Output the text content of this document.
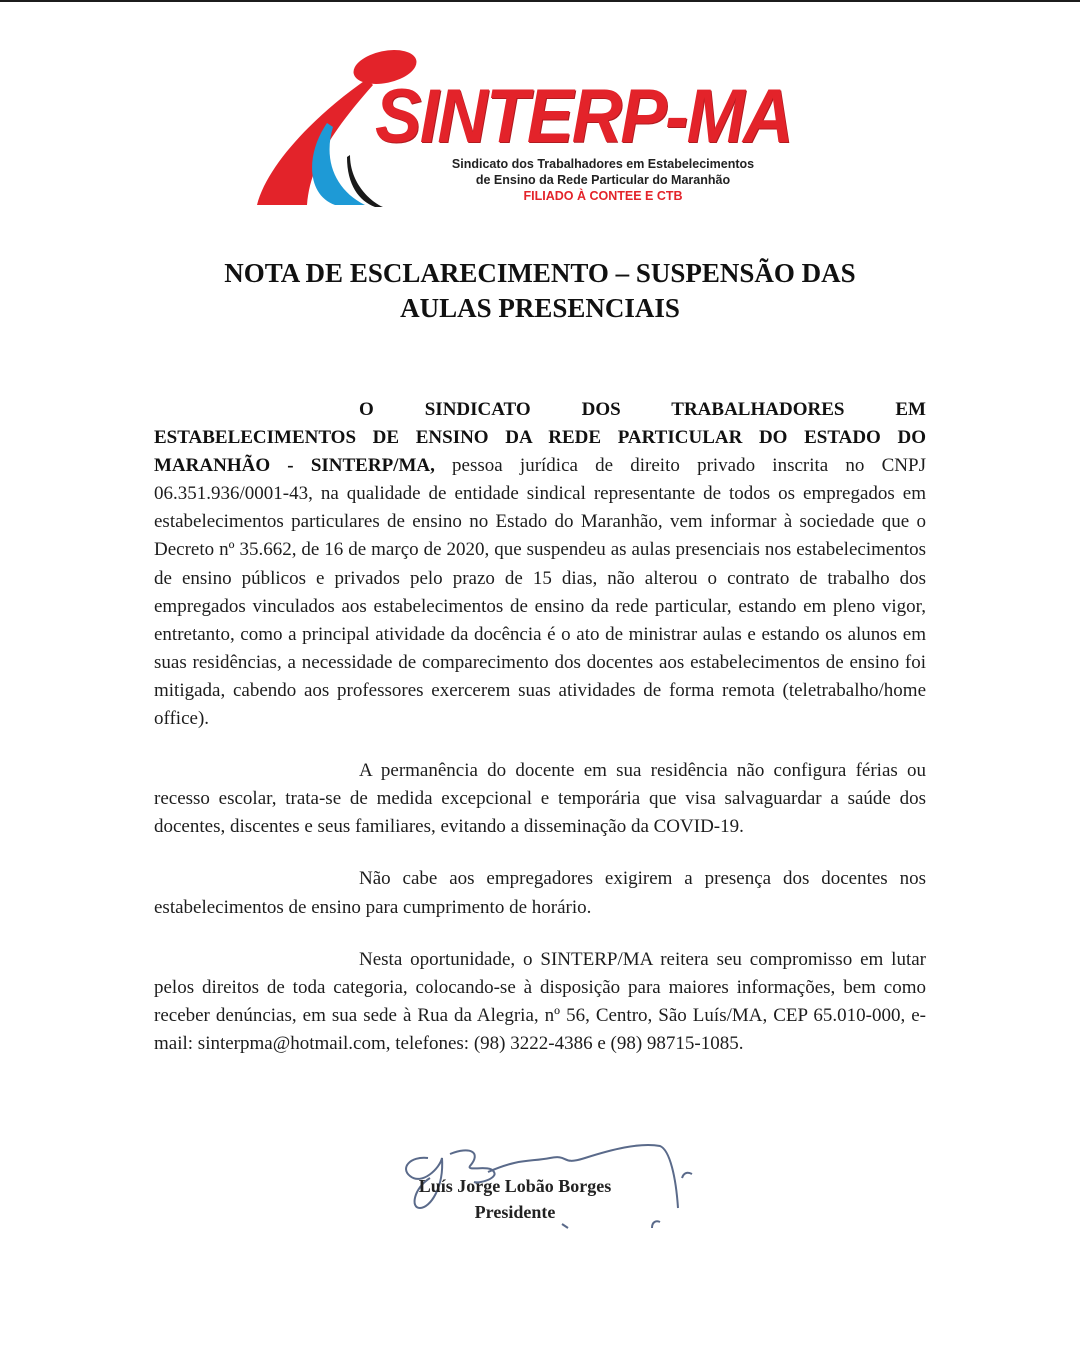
SINTERP-MA
Sindicato dos Trabalhadores em Estabelecimentos
de Ensino da Rede Particular do Maranhão
FILIADO À CONTEE E CTB
NOTA DE ESCLARECIMENTO – SUSPENSÃO DAS
AULAS PRESENCIAIS

O SINDICATO DOS TRABALHADORES EM ESTABELECIMENTOS DE ENSINO DA REDE PARTICULAR DO ESTADO DO MARANHÃO - SINTERP/MA, pessoa jurídica de direito privado inscrita no CNPJ 06.351.936/0001-43, na qualidade de entidade sindical representante de todos os empregados em estabelecimentos particulares de ensino no Estado do Maranhão, vem informar à sociedade que o Decreto nº 35.662, de 16 de março de 2020, que suspendeu as aulas presenciais nos estabelecimentos de ensino públicos e privados pelo prazo de 15 dias, não alterou o contrato de trabalho dos empregados vinculados aos estabelecimentos de ensino da rede particular, estando em pleno vigor, entretanto, como a principal atividade da docência é o ato de ministrar aulas e estando os alunos em suas residências, a necessidade de comparecimento dos docentes aos estabelecimentos de ensino foi mitigada, cabendo aos professores exercerem suas atividades de forma remota (teletrabalho/home office).

A permanência do docente em sua residência não configura férias ou recesso escolar, trata-se de medida excepcional e temporária que visa salvaguardar a saúde dos docentes, discentes e seus familiares, evitando a disseminação da COVID-19.

Não cabe aos empregadores exigirem a presença dos docentes nos estabelecimentos de ensino para cumprimento de horário.

Nesta oportunidade, o SINTERP/MA reitera seu compromisso em lutar pelos direitos de toda categoria, colocando-se à disposição para maiores informações, bem como receber denúncias, em sua sede à Rua da Alegria, nº 56, Centro, São Luís/MA, CEP 65.010-000, e-mail: sinterpma@hotmail.com, telefones: (98) 3222-4386 e (98) 98715-1085.

Luís Jorge Lobão Borges
Presidente
